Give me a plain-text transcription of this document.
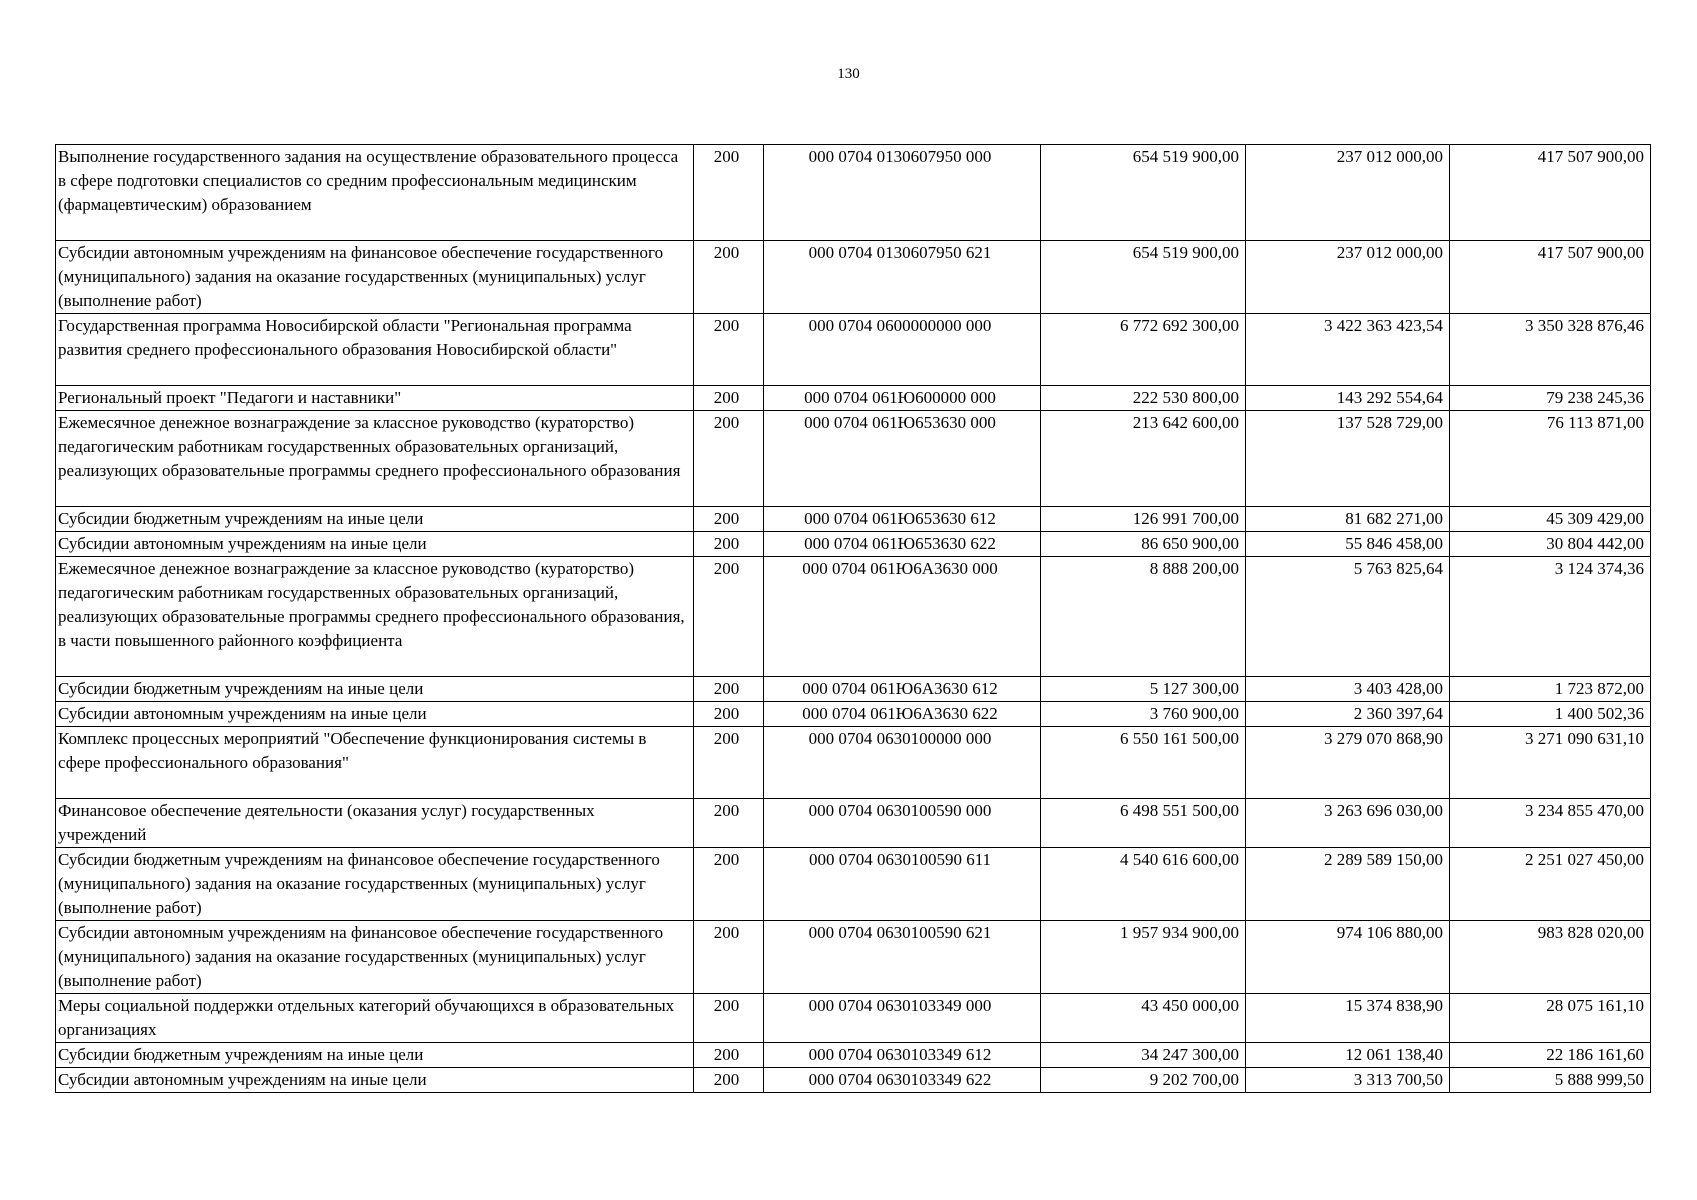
130
Выполнение государственного задания на осуществление образовательного процесса в сфере подготовки специалистов со средним профессиональным медицинским (фармацевтическим) образованием	200	000 0704 0130607950 000	654 519 900,00	237 012 000,00	417 507 900,00
Субсидии автономным учреждениям на финансовое обеспечение государственного (муниципального) задания на оказание государственных (муниципальных) услуг (выполнение работ)	200	000 0704 0130607950 621	654 519 900,00	237 012 000,00	417 507 900,00
Государственная программа Новосибирской области "Региональная программа развития среднего профессионального образования Новосибирской области"	200	000 0704 0600000000 000	6 772 692 300,00	3 422 363 423,54	3 350 328 876,46
Региональный проект "Педагоги и наставники"	200	000 0704 061Ю600000 000	222 530 800,00	143 292 554,64	79 238 245,36
Ежемесячное денежное вознаграждение за классное руководство (кураторство) педагогическим работникам государственных образовательных организаций, реализующих образовательные программы среднего профессионального образования	200	000 0704 061Ю653630 000	213 642 600,00	137 528 729,00	76 113 871,00
Субсидии бюджетным учреждениям на иные цели	200	000 0704 061Ю653630 612	126 991 700,00	81 682 271,00	45 309 429,00
Субсидии автономным учреждениям на иные цели	200	000 0704 061Ю653630 622	86 650 900,00	55 846 458,00	30 804 442,00
Ежемесячное денежное вознаграждение за классное руководство (кураторство) педагогическим работникам государственных образовательных организаций, реализующих образовательные программы среднего профессионального образования, в части повышенного районного коэффициента	200	000 0704 061Ю6А3630 000	8 888 200,00	5 763 825,64	3 124 374,36
Субсидии бюджетным учреждениям на иные цели	200	000 0704 061Ю6А3630 612	5 127 300,00	3 403 428,00	1 723 872,00
Субсидии автономным учреждениям на иные цели	200	000 0704 061Ю6А3630 622	3 760 900,00	2 360 397,64	1 400 502,36
Комплекс процессных мероприятий "Обеспечение функционирования системы в сфере профессионального образования"	200	000 0704 0630100000 000	6 550 161 500,00	3 279 070 868,90	3 271 090 631,10
Финансовое обеспечение деятельности (оказания услуг) государственных учреждений	200	000 0704 0630100590 000	6 498 551 500,00	3 263 696 030,00	3 234 855 470,00
Субсидии бюджетным учреждениям на финансовое обеспечение государственного (муниципального) задания на оказание государственных (муниципальных) услуг (выполнение работ)	200	000 0704 0630100590 611	4 540 616 600,00	2 289 589 150,00	2 251 027 450,00
Субсидии автономным учреждениям на финансовое обеспечение государственного (муниципального) задания на оказание государственных (муниципальных) услуг (выполнение работ)	200	000 0704 0630100590 621	1 957 934 900,00	974 106 880,00	983 828 020,00
Меры социальной поддержки отдельных категорий обучающихся в образовательных организациях	200	000 0704 0630103349 000	43 450 000,00	15 374 838,90	28 075 161,10
Субсидии бюджетным учреждениям на иные цели	200	000 0704 0630103349 612	34 247 300,00	12 061 138,40	22 186 161,60
Субсидии автономным учреждениям на иные цели	200	000 0704 0630103349 622	9 202 700,00	3 313 700,50	5 888 999,50
